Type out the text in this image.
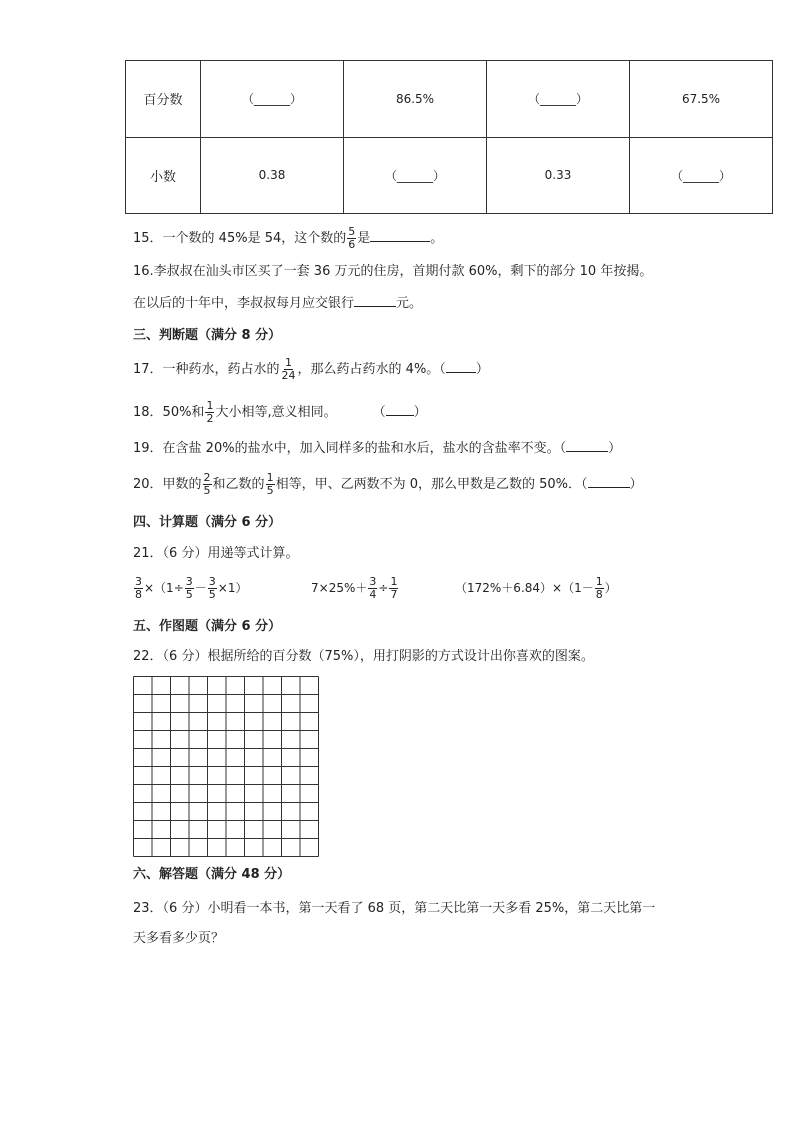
百分数	（______）	86.5%	（______）	67.5%
小数	0.38	（______）	0.33	（______）
15．一个数的 45%是 54，这个数的 $\frac{5}{6}$ 是	。
16.李叔叔在汕头市区买了一套 36 万元的住房，首期付款 60%，剩下的部分 10 年按揭。
在以后的十年中，李叔叔每月应交银行	元。
三、判断题（满分 8 分）
17．一种药水，药占水的 $\frac{1}{24}$ ，那么药占药水的 4%。（ ）
18．50%和 $\frac{1}{2}$ 大小相等,意义相同。	（ ）
19．在含盐 20%的盐水中，加入同样多的盐和水后，盐水的含盐率不变。（	）
20．甲数的 $\frac{2}{5}$ 和乙数的 $\frac{1}{5}$ 相等，甲、乙两数不为 0，那么甲数是乙数的 50%．（	）
四、计算题（满分 6 分）
21．（6 分）用递等式计算。
$\frac{3}{8} \times(1\div \frac{3}{5} - \frac{3}{5} \times 1)$	$7\times 25\%+ \frac{3}{4} \div \frac{1}{7}$	$(172\%+6.84)\times(1- \frac{1}{8}$ ）
五、作图题（满分 6 分）
22．（6 分）根据所给的百分数（75%），用打阴影的方式设计出你喜欢的图案。
六、解答题（满分 48 分）
23．（6 分）小明看一本书，第一天看了 68 页，第二天比第一天多看 25%，第二天比第一
天多看多少页？
